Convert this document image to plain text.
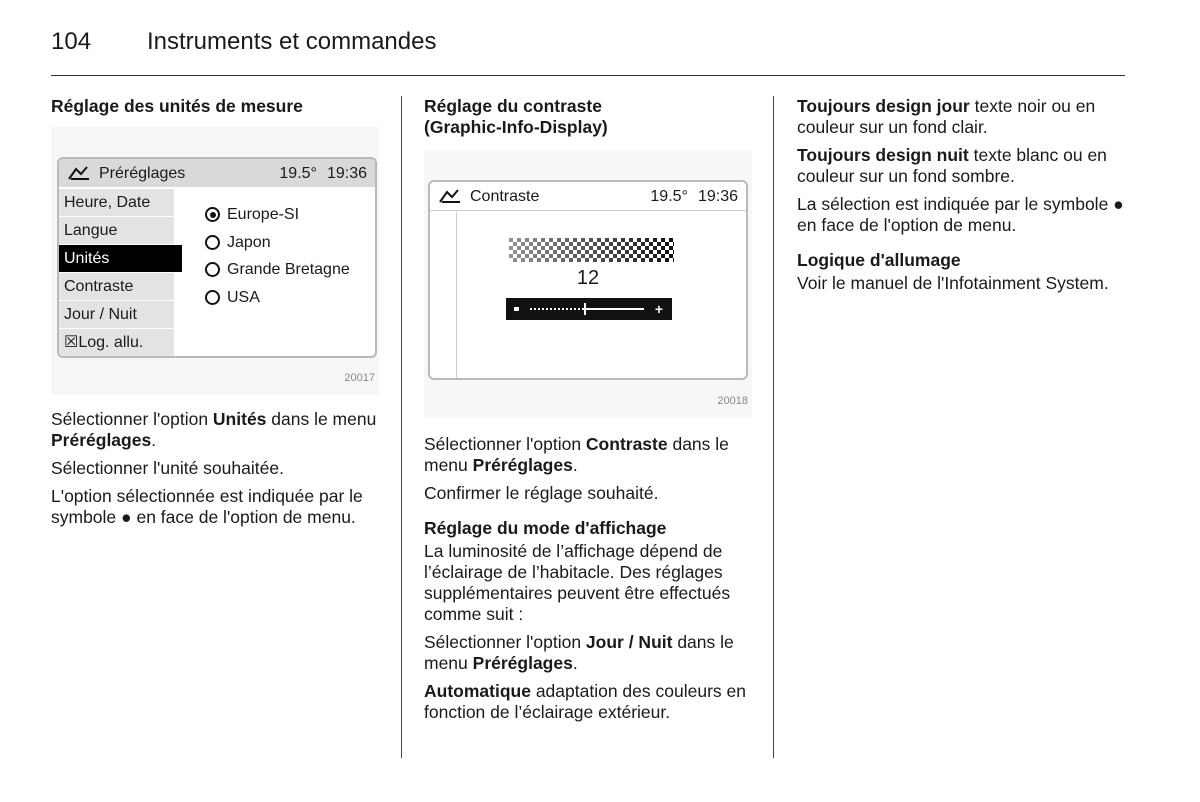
104 Instruments et commandes
Réglage des unités de mesure
Préréglages	19.5° 19:36
Heure, Date
Langue
Unités
Contraste
Jour / Nuit
☒Log. allu.
Europe-SI
Japon
Grande Bretagne
USA
20017

Sélectionner l'option Unités dans le menu Préréglages.

Sélectionner l'unité souhaitée.

L'option sélectionnée est indiquée par le symbole ● en face de l'option de menu.

Réglage du contraste (Graphic-Info-Display)
Contraste	19.5° 19:36
12
+
20018

Sélectionner l'option Contraste dans le menu Préréglages.

Confirmer le réglage souhaité.

Réglage du mode d'affichage

La luminosité de l’affichage dépend de l’éclairage de l’habitacle. Des réglages supplémentaires peuvent être effectués comme suit :

Sélectionner l'option Jour / Nuit dans le menu Préréglages.

Automatique adaptation des couleurs en fonction de l’éclairage extérieur.

Toujours design jour texte noir ou en couleur sur un fond clair.

Toujours design nuit texte blanc ou en couleur sur un fond sombre.

La sélection est indiquée par le symbole ● en face de l'option de menu.

Logique d'allumage

Voir le manuel de l'Infotainment System.
